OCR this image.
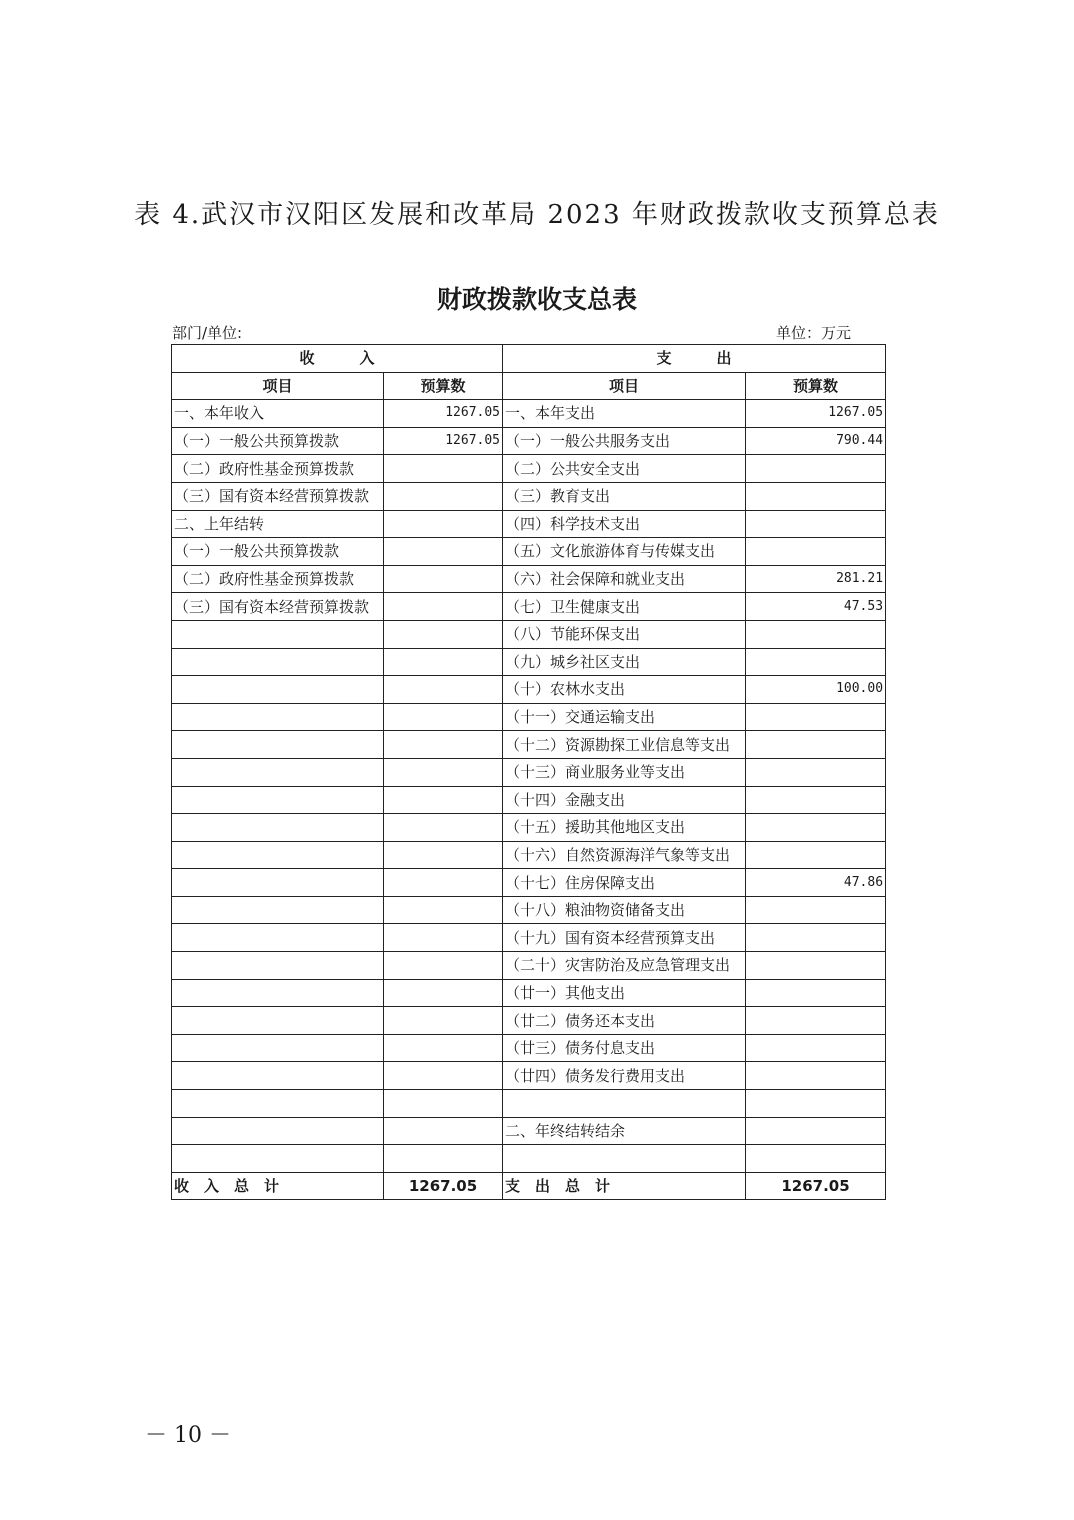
表 4.武汉市汉阳区发展和改革局 2023 年财政拨款收支预算总表
财政拨款收支总表
部门/单位:	单位：万元
收　　　入		支　　　出	
项目	预算数	项目	预算数
一、本年收入	1267.05	一、本年支出	1267.05
（一）一般公共预算拨款	1267.05	（一）一般公共服务支出	790.44
（二）政府性基金预算拨款		（二）公共安全支出	
（三）国有资本经营预算拨款		（三）教育支出	
二、上年结转		（四）科学技术支出	
（一）一般公共预算拨款		（五）文化旅游体育与传媒支出	
（二）政府性基金预算拨款		（六）社会保障和就业支出	281.21
（三）国有资本经营预算拨款		（七）卫生健康支出	47.53
		（八）节能环保支出	
		（九）城乡社区支出	
		（十）农林水支出	100.00
		（十一）交通运输支出	
		（十二）资源勘探工业信息等支出	
		（十三）商业服务业等支出	
		（十四）金融支出	
		（十五）援助其他地区支出	
		（十六）自然资源海洋气象等支出	
		（十七）住房保障支出	47.86
		（十八）粮油物资储备支出	
		（十九）国有资本经营预算支出	
		（二十）灾害防治及应急管理支出	
		（廿一）其他支出	
		（廿二）债务还本支出	
		（廿三）债务付息支出	
		（廿四）债务发行费用支出	

		二、年终结转结余	

收　入　总　计	1267.05	支　出　总　计	1267.05
－ 10 －
